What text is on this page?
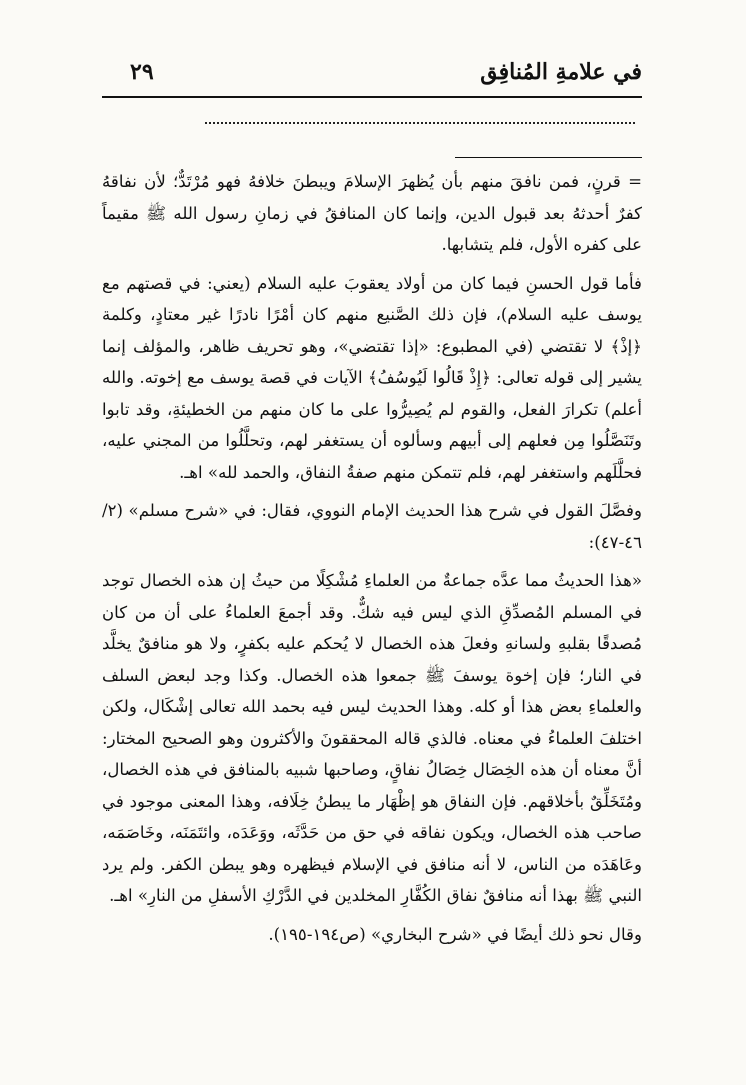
٢٩	في علامةِ المُنافِق

= قرنٍ، فمن نافقَ منهم بأن يُظهرَ الإسلامَ ويبطنَ خلافهُ فهو مُرْتَدٌّ؛ لأن نفاقهُ كفرٌ أحدثهُ بعد قبول الدين، وإنما كان المنافقُ في زمانِ رسول الله ﷺ مقيماً على كفره الأول، فلم يتشابها.

فأما قول الحسنِ فيما كان من أولاد يعقوبَ عليه السلام (يعني: في قصتهم مع يوسف عليه السلام)، فإن ذلك الصَّنيع منهم كان أمْرًا نادرًا غير معتادٍ، وكلمة ﴿إذْ﴾ لا تقتضي (في المطبوع: «إذا تقتضي»، وهو تحريف ظاهر، والمؤلف إنما يشير إلى قوله تعالى: ﴿إِذْ قَالُوا لَيُوسُفُ﴾ الآيات في قصة يوسف مع إخوته. والله أعلم) تكرارَ الفعل، والقوم لم يُصِيرُّوا على ما كان منهم من الخطيئةِ، وقد تابوا وتَنَصَّلُوا مِن فعلهم إلى أبيهم وسألوه أن يستغفر لهم، وتحلَّلُوا من المجني عليه، فحلَّلَهم واستغفر لهم، فلم تتمكن منهم صفةُ النفاق، والحمد لله» اهـ.

وفصَّلَ القول في شرح هذا الحديث الإمام النووي، فقال: في «شرح مسلم» (٢/ ٤٦-٤٧):

«هذا الحديثُ مما عدَّه جماعةٌ من العلماءِ مُشْكِلًا من حيثُ إن هذه الخصال توجد في المسلم المُصدِّقِ الذي ليس فيه شكٌّ. وقد أجمعَ العلماءُ على أن من كان مُصدقًا بقلبهِ ولسانهِ وفعلَ هذه الخصال لا يُحكم عليه بكفرٍ، ولا هو منافقٌ يخلَّد في النار؛ فإن إخوة يوسفَ ﷺ جمعوا هذه الخصال. وكذا وجد لبعض السلف والعلماءِ بعض هذا أو كله. وهذا الحديث ليس فيه بحمد الله تعالى إشْكَال، ولكن اختلفَ العلماءُ في معناه. فالذي قاله المحققونَ والأكثرون وهو الصحيح المختار: أنَّ معناه أن هذه الخِصَال خِصَالُ نفاقٍ، وصاحبها شبيه بالمنافق في هذه الخصال، ومُتَخَلِّقٌ بأخلاقهم. فإن النفاق هو إظْهَار ما يبطنُ خِلَافه، وهذا المعنى موجود في صاحب هذه الخصال، ويكون نفاقه في حق من حَدَّثَه، ووَعَدَه، وائتَمَنَه، وخَاصَمَه، وعَاهَدَه من الناس، لا أنه منافق في الإسلام فيظهره وهو يبطن الكفر. ولم يرد النبي ﷺ بهذا أنه منافقٌ نفاق الكُفَّارِ المخلدين في الدَّرْكِ الأسفلِ من النارِ» اهـ.

وقال نحو ذلك أيضًا في «شرح البخاري» (ص١٩٤-١٩٥).
